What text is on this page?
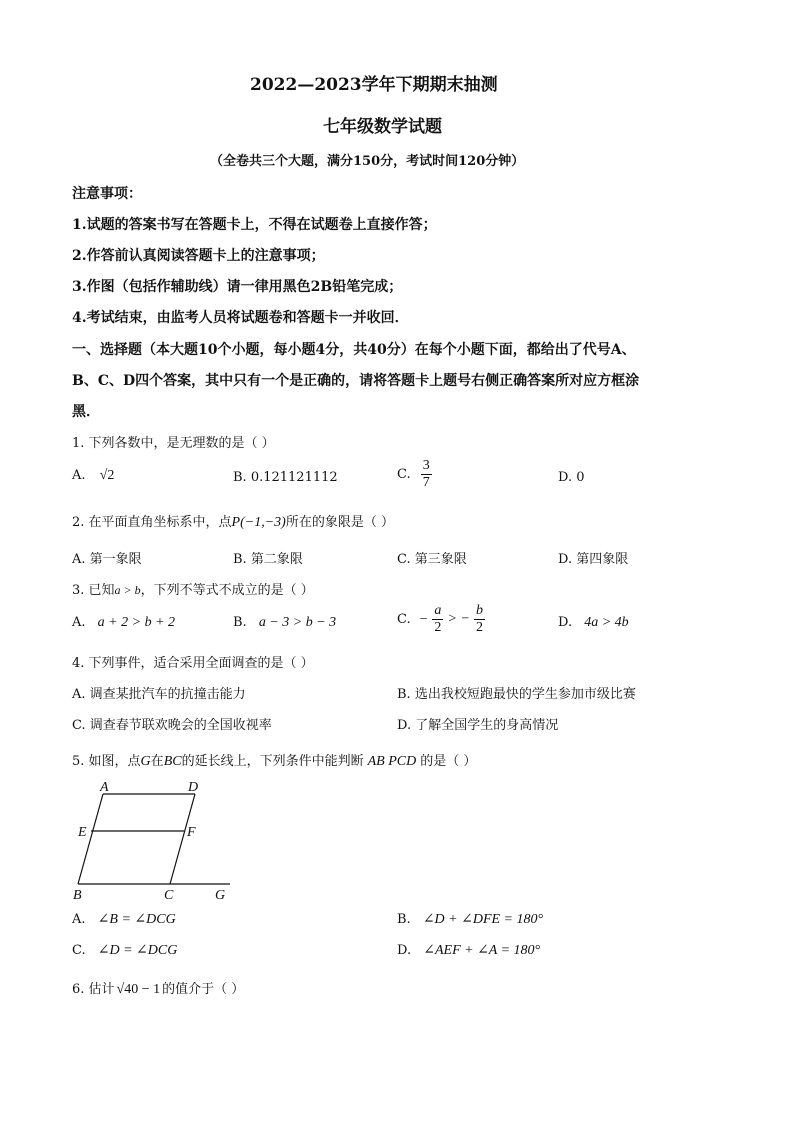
2022—2023学年下期期末抽测
七年级数学试题
（全卷共三个大题，满分150分，考试时间120分钟）
注意事项：
1.试题的答案书写在答题卡上，不得在试题卷上直接作答；
2.作答前认真阅读答题卡上的注意事项；
3.作图（包括作辅助线）请一律用黑色2B铅笔完成；
4.考试结束，由监考人员将试题卷和答题卡一并收回．
一、选择题（本大题10个小题，每小题4分，共40分）在每个小题下面，都给出了代号A、
B、C、D四个答案，其中只有一个是正确的，请将答题卡上题号右侧正确答案所对应方框涂
黑．
1. 下列各数中，是无理数的是（ ）
A. √2	B. 0.121121112	C. $\frac{3}{7}$	D. 0
2. 在平面直角坐标系中，点P(−1,−3)所在的象限是（ ）
A. 第一象限	B. 第二象限	C. 第三象限	D. 第四象限
3. 已知a > b，下列不等式不成立的是（ ）
A. a + 2 > b + 2	B. a − 3 > b − 3	C. − $\frac{a}{2}$ > − $\frac{b}{2}$	D. 4a > 4b
4. 下列事件，适合采用全面调查的是（ ）
A. 调查某批汽车的抗撞击能力	B. 选出我校短跑最快的学生参加市级比赛
C. 调查春节联欢晚会的全国收视率	D. 了解全国学生的身高情况
5. 如图，点G在BC的延长线上，下列条件中能判断 AB PCD 的是（ ）
A	D
E	F
B	C	G
A. ∠B = ∠DCG	B. ∠D + ∠DFE = 180°
C. ∠D = ∠DCG	D. ∠AEF + ∠A = 180°
6. 估计 √40 − 1 的值介于（ ）
